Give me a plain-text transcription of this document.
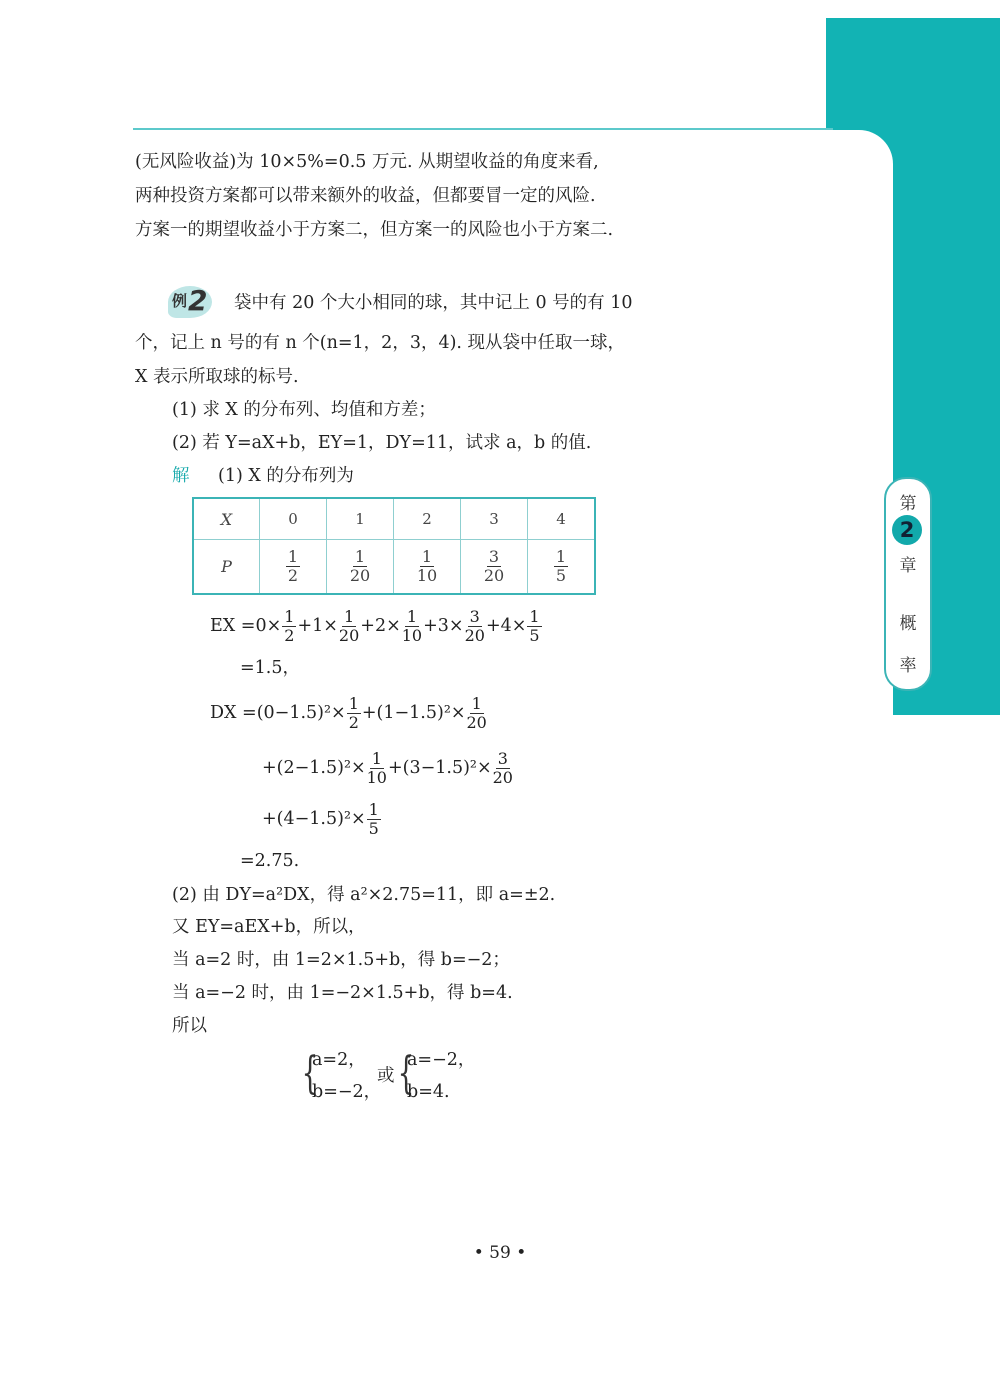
(无风险收益)为 10×5%=0.5 万元. 从期望收益的角度来看,
两种投资方案都可以带来额外的收益，但都要冒一定的风险.
方案一的期望收益小于方案二，但方案一的风险也小于方案二.
例 2 袋中有 20 个大小相同的球，其中记上 0 号的有 10
个，记上 n 号的有 n 个(n=1，2，3，4). 现从袋中任取一球，
X 表示所取球的标号.
(1) 求 X 的分布列、均值和方差；
(2) 若 Y=aX+b，EY=1，DY=11，试求 a，b 的值.
解 (1) X 的分布列为
X	0	1	2	3	4
P	$\frac{1}{2}$	$\frac{1}{20}$	$\frac{1}{10}$	$\frac{3}{20}$	$\frac{1}{5}$
EX $=0\times \frac{1}{2} +1\times \frac{1}{20} +2\times \frac{1}{10} +3\times \frac{3}{20} +4\times \frac{1}{5}$
=1.5，
DX $=(0-1.5)^2\times \frac{1}{2} +(1-1.5)^2\times \frac{1}{20}$
$+(2-1.5)^2\times \frac{1}{10} +(3-1.5)^2\times \frac{3}{20}$
$+(4-1.5)^2\times \frac{1}{5}$
=2.75.
(2) 由 DY=a²DX，得 a²×2.75=11，即 a=±2.
又 EY=aEX+b，所以，
当 a=2 时，由 1=2×1.5+b，得 b=−2；
当 a=−2 时，由 1=−2×1.5+b，得 b=4.
所以
{
a=2，
b=−2，
或 {
a=−2，
b=4.
第
2
章
概
率
• 59 •
